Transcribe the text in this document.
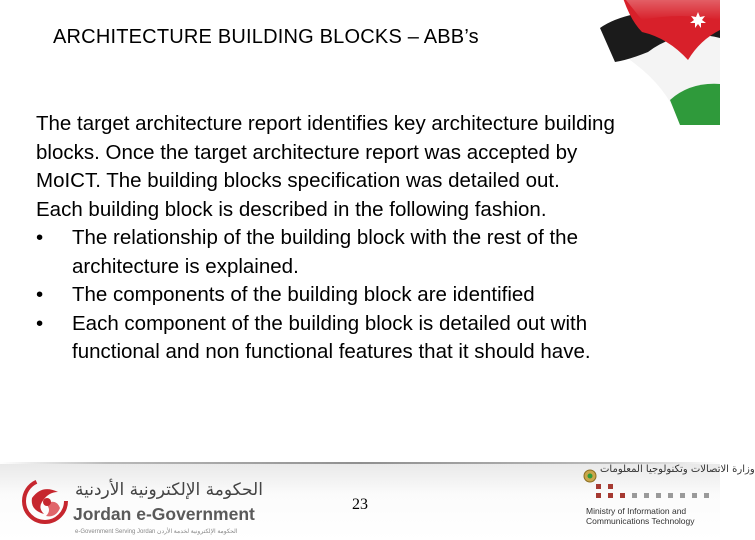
ARCHITECTURE BUILDING BLOCKS – ABB’s

The target architecture report identifies key architecture building

blocks. Once the target architecture report was accepted by

MoICT. The building blocks specification was detailed out.

Each building block is described in the following fashion.

• The relationship of the building block with the rest of the
architecture is explained.
• The components of the building block are identified
• Each component of the building block is detailed out with
functional and non functional features that it should have.
الحكومة الإلكترونية الأردنية
Jordan e-Government
e-Government Serving Jordan الحكومة الإلكترونية لخدمة الأردن
23
وزارة الاتصالات وتكنولوجيا المعلومات
Ministry of Information and
Communications Technology
